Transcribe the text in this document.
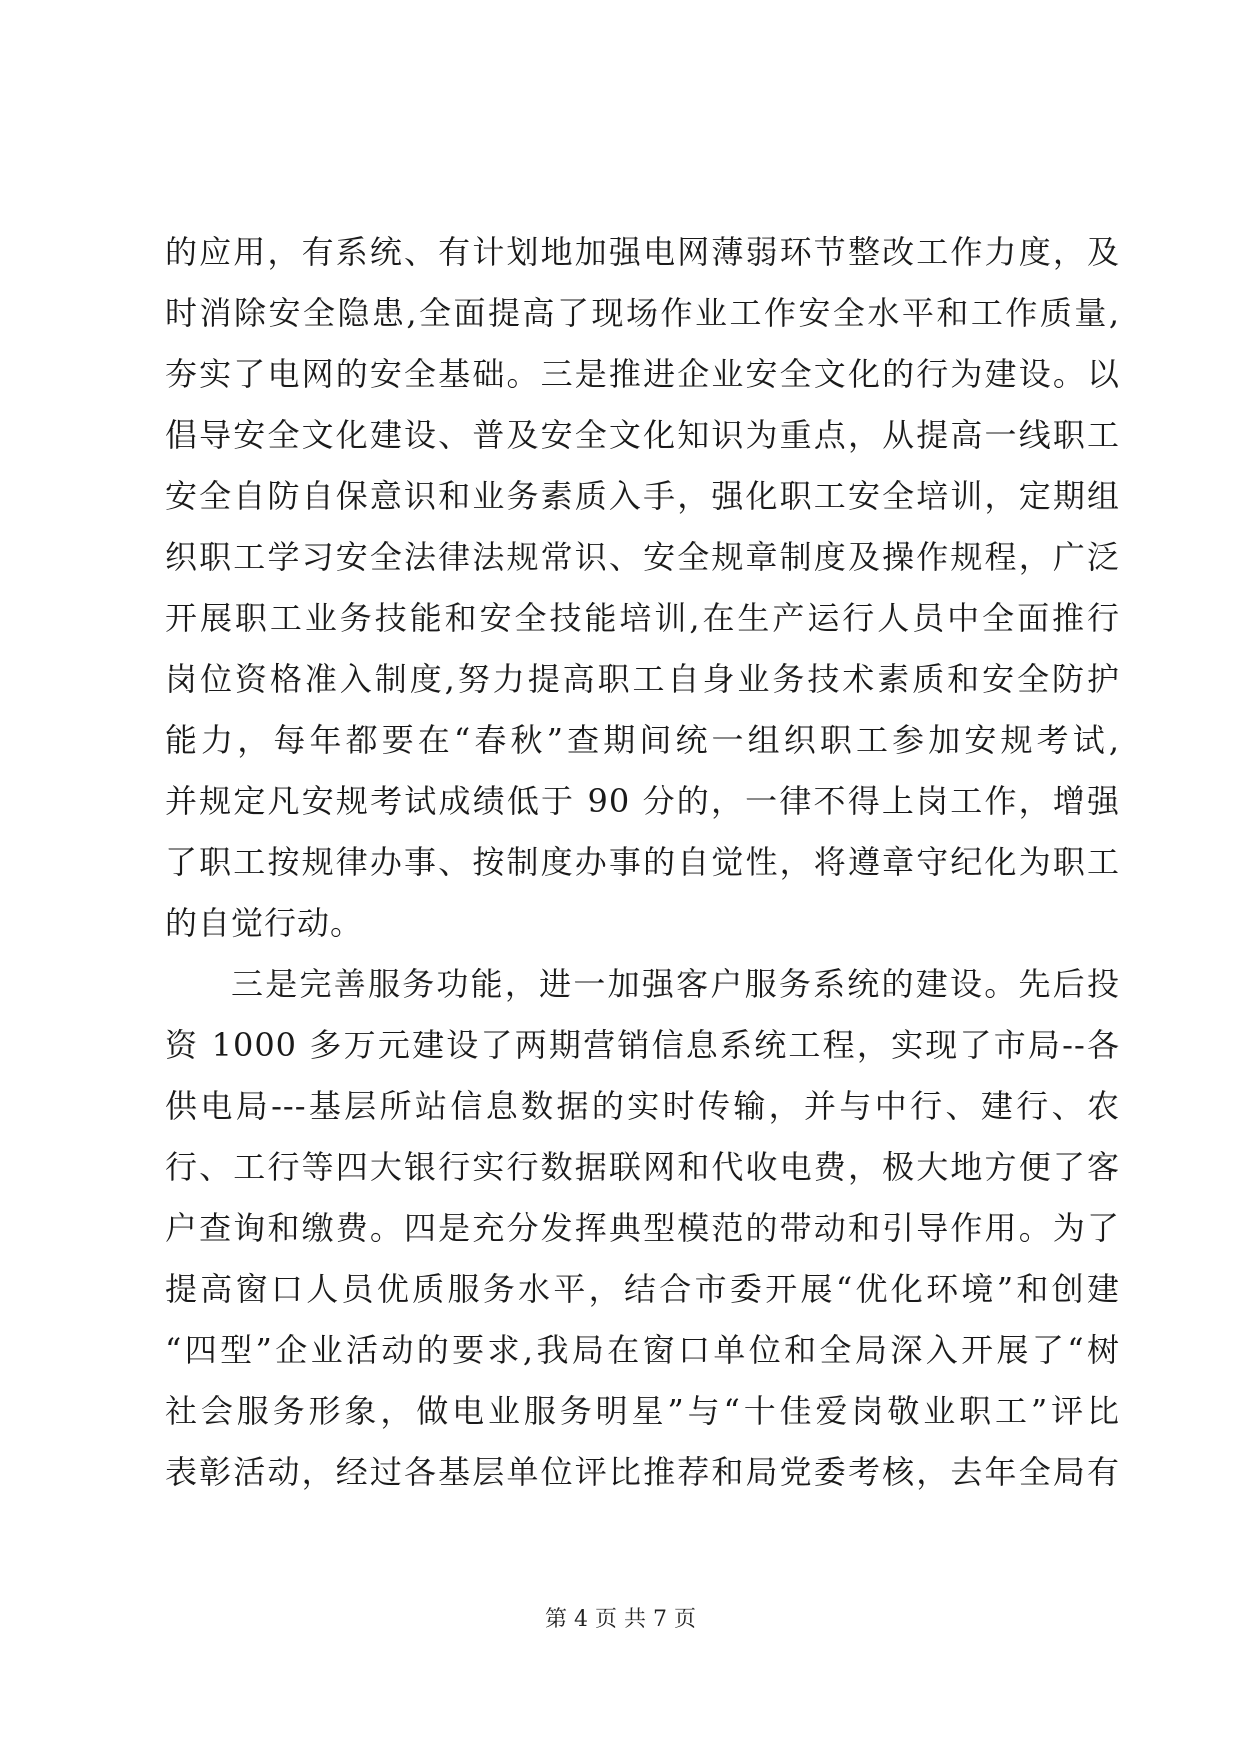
的应用，有系统、有计划地加强电网薄弱环节整改工作力度，及
时消除安全隐患,全面提高了现场作业工作安全水平和工作质量,
夯实了电网的安全基础。三是推进企业安全文化的行为建设。以
倡导安全文化建设、普及安全文化知识为重点，从提高一线职工
安全自防自保意识和业务素质入手，强化职工安全培训，定期组
织职工学习安全法律法规常识、安全规章制度及操作规程，广泛
开展职工业务技能和安全技能培训,在生产运行人员中全面推行
岗位资格准入制度,努力提高职工自身业务技术素质和安全防护
能力，每年都要在“春秋”查期间统一组织职工参加安规考试,
并规定凡安规考试成绩低于 90 分的，一律不得上岗工作，增强
了职工按规律办事、按制度办事的自觉性，将遵章守纪化为职工
的自觉行动。
三是完善服务功能，进一加强客户服务系统的建设。先后投
资 1000 多万元建设了两期营销信息系统工程，实现了市局--各
供电局---基层所站信息数据的实时传输，并与中行、建行、农
行、工行等四大银行实行数据联网和代收电费，极大地方便了客
户查询和缴费。四是充分发挥典型模范的带动和引导作用。为了
提高窗口人员优质服务水平，结合市委开展“优化环境”和创建
“四型”企业活动的要求,我局在窗口单位和全局深入开展了“树
社会服务形象，做电业服务明星”与“十佳爱岗敬业职工”评比
表彰活动，经过各基层单位评比推荐和局党委考核，去年全局有
第 4 页 共 7 页
